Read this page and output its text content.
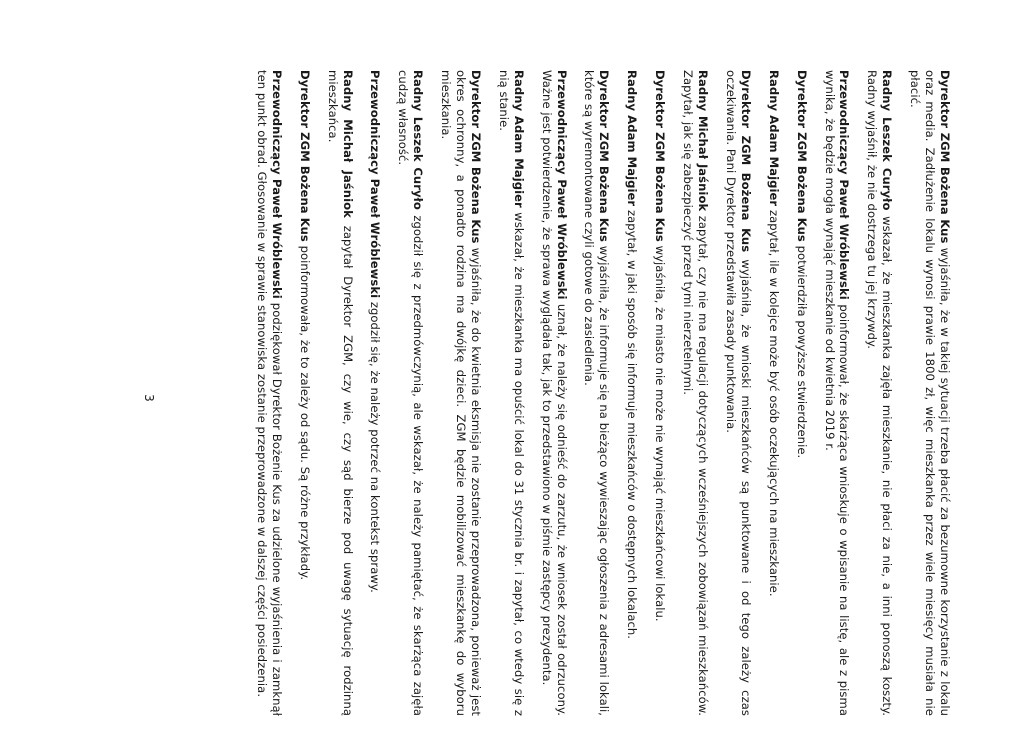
Dyrektor ZGM Bożena Kus wyjaśniła, że w takiej sytuacji trzeba płacić za bezumowne korzystanie z lokalu oraz media. Zadłużenie lokalu wynosi prawie 1800 zł, więc mieszkanka przez wiele miesięcy musiała nie płacić.

Radny Leszek Curyło wskazał, że mieszkanka zajęła mieszkanie, nie płaci za nie, a inni ponoszą koszty. Radny wyjaśnił, że nie dostrzega tu jej krzywdy.

Przewodniczący Paweł Wróblewski poinformował, że skarżąca wnioskuje o wpisanie na listę, ale z pisma wynika, że będzie mogła wynająć mieszkanie od kwietnia 2019 r.

Dyrektor ZGM Bożena Kus potwierdziła powyższe stwierdzenie.

Radny Adam Majgier zapytał, ile w kolejce może być osób oczekujących na mieszkanie.

Dyrektor ZGM Bożena Kus wyjaśniła, że wnioski mieszkańców są punktowane i od tego zależy czas oczekiwania. Pani Dyrektor przedstawiła zasady punktowania.

Radny Michał Jaśniok zapytał, czy nie ma regulacji dotyczących wcześniejszych zobowiązań mieszkańców. Zapytał, jak się zabezpieczyć przed tymi nierzetelnymi.

Dyrektor ZGM Bożena Kus wyjaśniła, że miasto nie może nie wynająć mieszkańcowi lokalu.

Radny Adam Majgier zapytał, w jaki sposób się informuje mieszkańców o dostępnych lokalach.

Dyrektor ZGM Bożena Kus wyjaśniła, że informuje się na bieżąco wywieszając ogłoszenia z adresami lokali, które są wyremontowane czyli gotowe do zasiedlenia.

Przewodniczący Paweł Wróblewski uznał, że należy się odnieść do zarzutu, że wniosek został odrzucony. Ważne jest potwierdzenie, że sprawa wyglądała tak, jak to przedstawiono w piśmie zastępcy prezydenta.

Radny Adam Majgier wskazał, że mieszkanka ma opuścić lokal do 31 stycznia br. i zapytał, co wtedy się z nią stanie.

Dyrektor ZGM Bożena Kus wyjaśniła, że do kwietnia eksmisja nie zostanie przeprowadzona, ponieważ jest okres ochronny, a ponadto rodzina ma dwójkę dzieci. ZGM będzie mobilizować mieszkankę do wyboru mieszkania.

Radny Leszek Curyło zgodził się z przedmówczynią, ale wskazał, że należy pamiętać, że skarżąca zajęła cudzą własność.

Przewodniczący Paweł Wróblewski zgodził się, że należy potrzeć na kontekst sprawy.

Radny Michał Jaśniok zapytał Dyrektor ZGM, czy wie, czy sąd bierze pod uwagę sytuację rodzinną mieszkańca.

Dyrektor ZGM Bożena Kus poinformowała, że to zależy od sądu. Są różne przykłady.

Przewodniczący Paweł Wróblewski podziękował Dyrektor Bożenie Kus za udzielone wyjaśnienia i zamknął ten punkt obrad. Głosowanie w sprawie stanowiska zostanie przeprowadzone w dalszej części posiedzenia.

3
